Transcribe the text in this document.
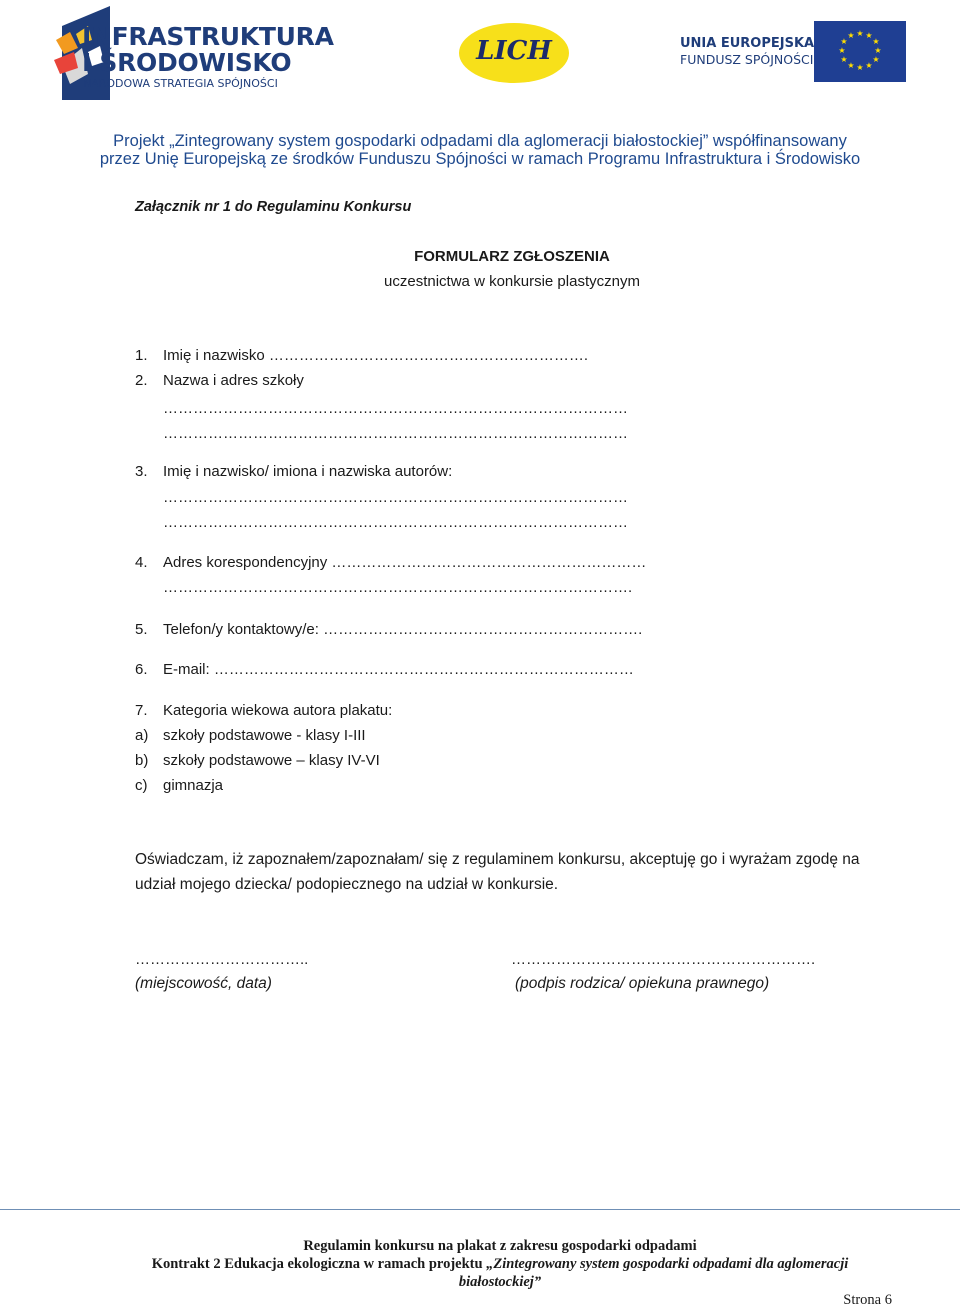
INFRASTRUKTURA
I ŚRODOWISKO
NARODOWA STRATEGIA SPÓJNOŚCI
LICH	UNIA EUROPEJSKA
FUNDUSZ SPÓJNOŚCI
★ ★
★
★
★
★
★
★
★
★
★
★
Projekt „Zintegrowany system gospodarki odpadami dla aglomeracji białostockiej” współfinansowany
przez Unię Europejską ze środków Funduszu Spójności w ramach Programu Infrastruktura i Środowisko
Załącznik nr 1 do Regulaminu Konkursu
FORMULARZ ZGŁOSZENIA
uczestnictwa w konkursie plastycznym
1. Imię i nazwisko ……………………………………………………….
2. Nazwa i adres szkoły
…………………………………………………………………………………
…………………………………………………………………………………
3. Imię i nazwisko/ imiona i nazwiska autorów:
…………………………………………………………………………………
…………………………………………………………………………………
4. Adres korespondencyjny ………………………………………………………
………………………………………………………………………………….
5. Telefon/y kontaktowy/e: ……………………………………………………….
6. E-mail: …………………………………………………………………………
7. Kategoria wiekowa autora plakatu:
a) szkoły podstawowe - klasy I-III
b) szkoły podstawowe – klasy IV-VI
c) gimnazja
Oświadczam, iż zapoznałem/zapoznałam/ się z regulaminem konkursu, akceptuję go i wyrażam zgodę na
udział mojego dziecka/ podopiecznego na udział w konkursie.
……………………………..	…………………………………………………….
(miejscowość, data)	(podpis rodzica/ opiekuna prawnego)
Regulamin konkursu na plakat z zakresu gospodarki odpadami
Kontrakt 2 Edukacja ekologiczna w ramach projektu „Zintegrowany system gospodarki odpadami dla aglomeracji
białostockiej”
Strona 6
